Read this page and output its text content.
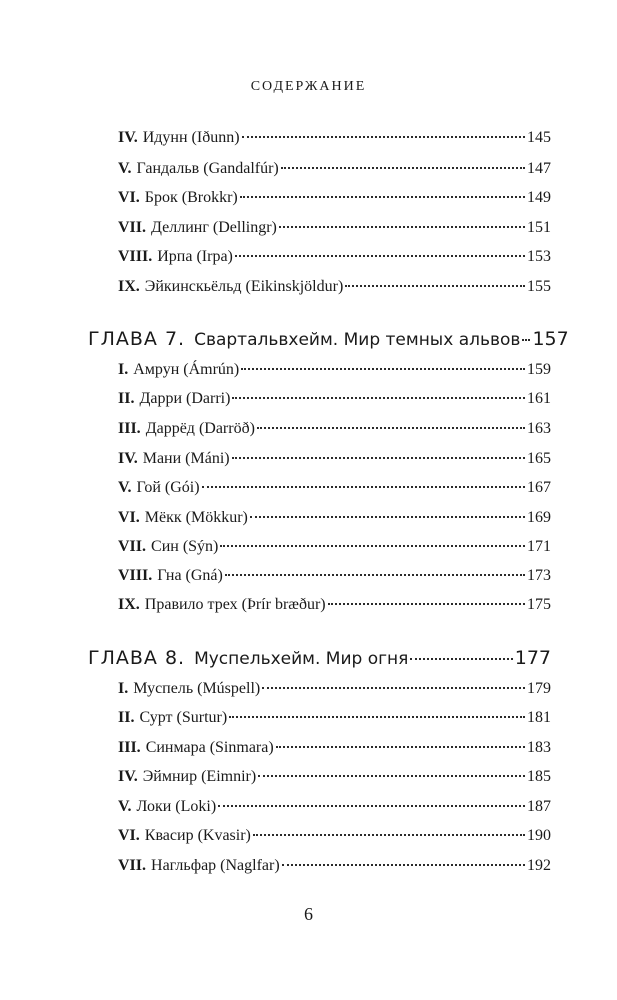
СОДЕРЖАНИЕ
IV. Идунн (Iðunn)	145
V. Гандальв (Gandalfúr)	147
VI. Брок (Brokkr)	149
VII. Деллинг (Dellingr)	151
VIII. Ирпа (Irpa)	153
IX. Эйкинскьёльд (Eikinskjöldur)	155
ГЛАВА 7. Свартальвхейм. Мир темных альвов 157
I. Амрун (Ámrún)	159
II. Дарри (Darri)	161
III. Даррёд (Darröð)	163
IV. Мани (Máni)	165
V. Гой (Gói)	167
VI. Мёкк (Mökkur)	169
VII. Син (Sýn)	171
VIII. Гна (Gná)	173
IX. Правило трех (Þrír bræður)	175
ГЛАВА 8. Муспельхейм. Мир огня	177
I. Муспель (Múspell)	179
II. Сурт (Surtur)	181
III. Синмара (Sinmara)	183
IV. Эймнир (Eimnir)	185
V. Локи (Loki)	187
VI. Квасир (Kvasir)	190
VII. Нагльфар (Naglfar)	192
6
